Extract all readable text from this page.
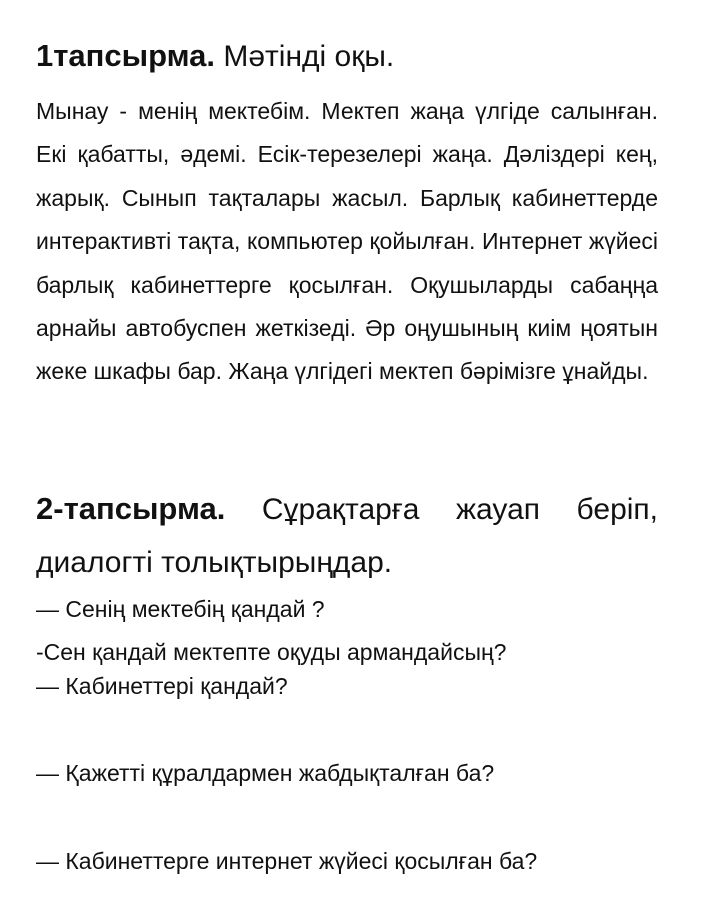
1тапсырма. Мәтінді оқы.
Мынау - менің мектебім. Мектеп жаңа үлгіде салынған. Екі қабатты, әдемі. Есік-терезелері жаңа. Дәліздері кең, жарық. Сынып тақталары жасыл. Барлық кабинеттерде интерактивті тақта, компьютер қойылған. Интернет жүйесі барлық кабинеттерге қосылған. Оқушыларды сабаңңа арнайы автобуспен жеткізеді. Әр оңушының киім ңоятын жеке шкафы бар. Жаңа үлгідегі мектеп бәрімізге ұнайды.
2-тапсырма. Сұрақтарға жауап беріп, диалогті толықтырыңдар.
— Сенің мектебің қандай ?
-Сен қандай мектепте оқуды армандайсың?
— Кабинеттері қандай?
— Қажетті құралдармен жабдықталған ба?
— Кабинеттерге интернет жүйесі қосылған ба?
